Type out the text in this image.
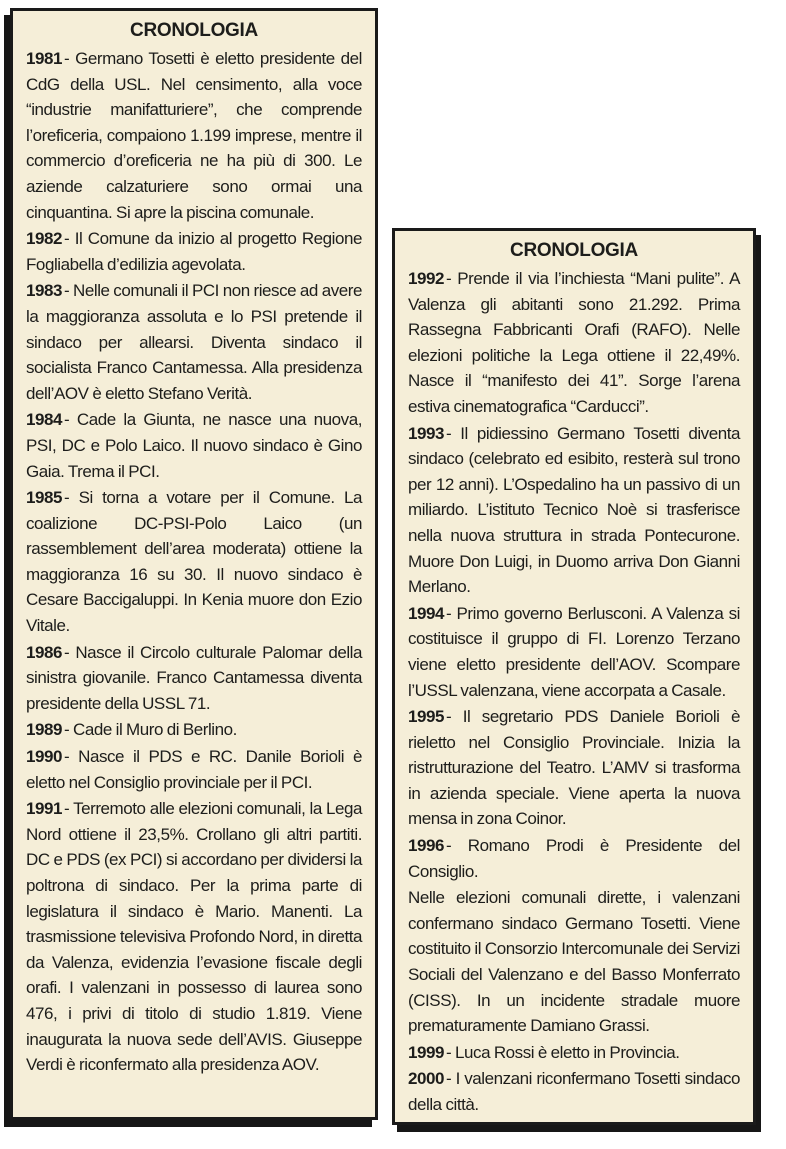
CRONOLOGIA

1981 - Germano Tosetti è eletto presidente del CdG della USL. Nel censimento, alla voce “industrie manifatturiere”, che comprende l’oreficeria, compaiono 1.199 imprese, mentre il commercio d’oreficeria ne ha più di 300. Le aziende calzaturiere sono ormai una cinquantina. Si apre la piscina comunale.

1982 - Il Comune da inizio al progetto Regione Fogliabella d’edilizia agevolata.

1983 - Nelle comunali il PCI non riesce ad avere la maggioranza assoluta e lo PSI pretende il sindaco per allearsi. Diventa sindaco il socialista Franco Cantamessa. Alla presidenza dell’AOV è eletto Stefano Verità.

1984 - Cade la Giunta, ne nasce una nuova, PSI, DC e Polo Laico. Il nuovo sindaco è Gino Gaia. Trema il PCI.

1985 - Si torna a votare per il Comune. La coalizione DC-PSI-Polo Laico (un rassemblement dell’area moderata) ottiene la maggioranza 16 su 30. Il nuovo sindaco è Cesare Baccigaluppi. In Kenia muore don Ezio Vitale.

1986 - Nasce il Circolo culturale Palomar della sinistra giovanile. Franco Cantamessa diventa presidente della USSL 71.

1989 - Cade il Muro di Berlino.

1990 - Nasce il PDS e RC. Danile Borioli è eletto nel Consiglio provinciale per il PCI.

1991 - Terremoto alle elezioni comunali, la Lega Nord ottiene il 23,5%. Crollano gli altri partiti. DC e PDS (ex PCI) si accordano per dividersi la poltrona di sindaco. Per la prima parte di legislatura il sindaco è Mario. Manenti. La trasmissione televisiva Profondo Nord, in diretta da Valenza, evidenzia l’evasione fiscale degli orafi. I valenzani in possesso di laurea sono 476, i privi di titolo di studio 1.819. Viene inaugurata la nuova sede dell’AVIS. Giuseppe Verdi è riconfermato alla presidenza AOV.

CRONOLOGIA

1992 - Prende il via l’inchiesta “Mani pulite”. A Valenza gli abitanti sono 21.292. Prima Rassegna Fabbricanti Orafi (RAFO). Nelle elezioni politiche la Lega ottiene il 22,49%. Nasce il “manifesto dei 41”. Sorge l’arena estiva cinematografica “Carducci”.

1993 - Il pidiessino Germano Tosetti diventa sindaco (celebrato ed esibito, resterà sul trono per 12 anni). L’Ospedalino ha un passivo di un miliardo. L’istituto Tecnico Noè si trasferisce nella nuova struttura in strada Pontecurone. Muore Don Luigi, in Duomo arriva Don Gianni Merlano.

1994 - Primo governo Berlusconi. A Valenza si costituisce il gruppo di FI. Lorenzo Terzano viene eletto presidente dell’AOV. Scompare l’USSL valenzana, viene accorpata a Casale.

1995 - Il segretario PDS Daniele Borioli è rieletto nel Consiglio Provinciale. Inizia la ristrutturazione del Teatro. L’AMV si trasforma in azienda speciale. Viene aperta la nuova mensa in zona Coinor.

1996 - Romano Prodi è Presidente del Consiglio.

Nelle elezioni comunali dirette, i valenzani confermano sindaco Germano Tosetti. Viene costituito il Consorzio Intercomunale dei Servizi Sociali del Valenzano e del Basso Monferrato (CISS). In un incidente stradale muore prematuramente Damiano Grassi.

1999 - Luca Rossi è eletto in Provincia.

2000 - I valenzani riconfermano Tosetti sindaco della città.
